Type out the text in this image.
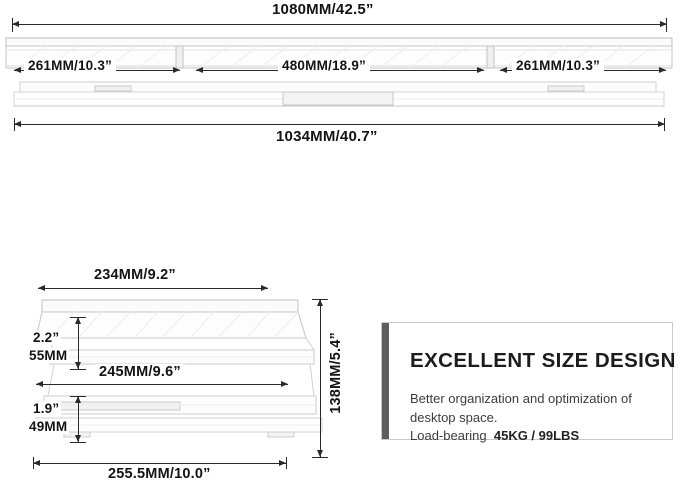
1080MM/42.5”
261MM/10.3”	480MM/18.9”	261MM/10.3”
1034MM/40.7”
234MM/9.2”
2.2”
55MM
1.9”
49MM
245MM/9.6”
255.5MM/10.0”
138MM/5.4”	EXCELLENT SIZE DESIGN
Better organization and optimization of desktop space.
Load-bearing 45KG / 99LBS
